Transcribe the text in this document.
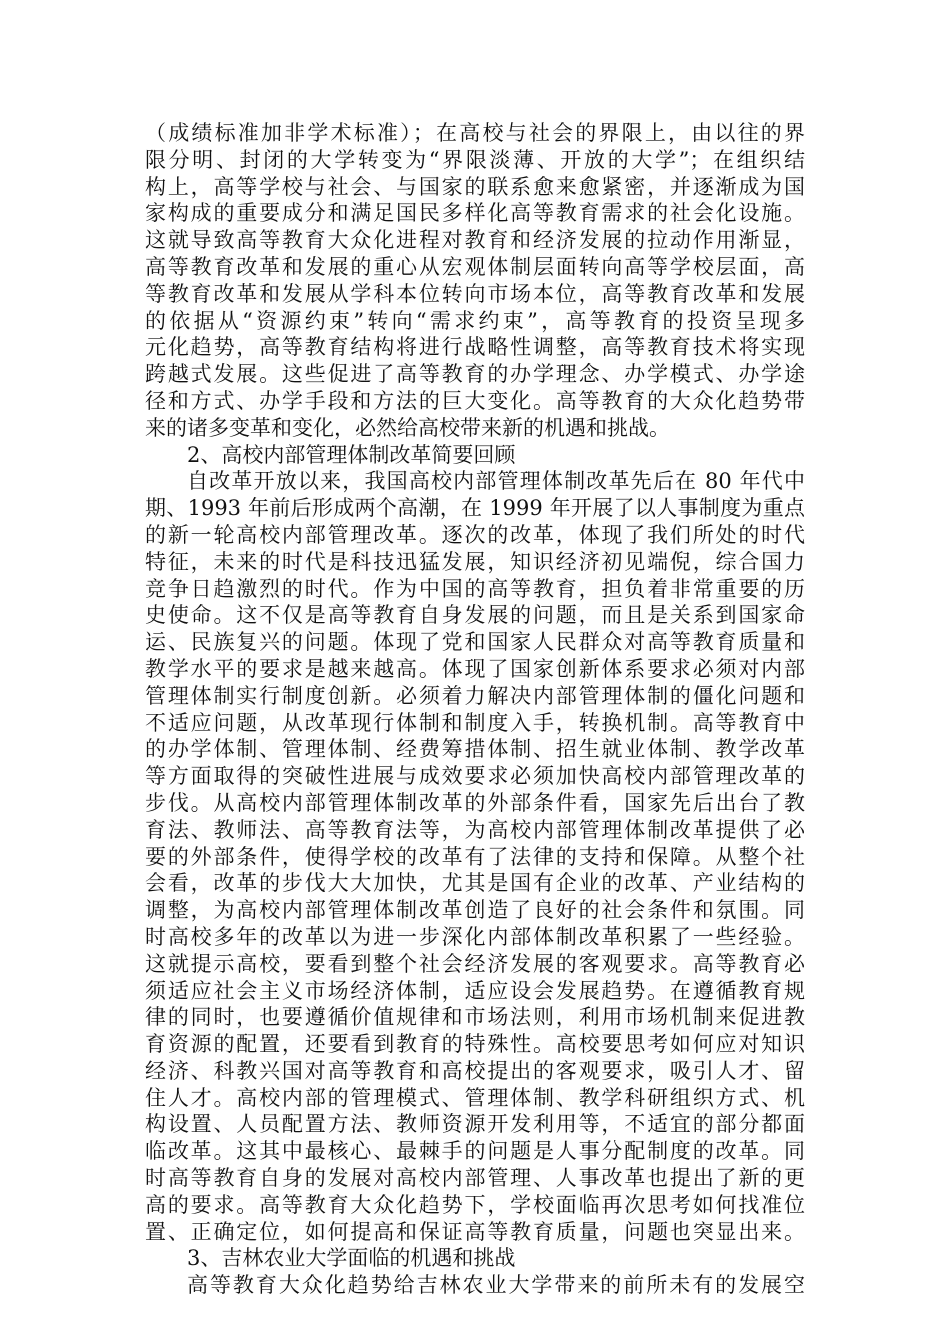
（成绩标准加非学术标准）；在高校与社会的界限上，由以往的界
限分明、封闭的大学转变为“界限淡薄、开放的大学”；在组织结
构上，高等学校与社会、与国家的联系愈来愈紧密，并逐渐成为国
家构成的重要成分和满足国民多样化高等教育需求的社会化设施。
这就导致高等教育大众化进程对教育和经济发展的拉动作用渐显，
高等教育改革和发展的重心从宏观体制层面转向高等学校层面，高
等教育改革和发展从学科本位转向市场本位，高等教育改革和发展
的依据从“资源约束”转向“需求约束”，高等教育的投资呈现多
元化趋势，高等教育结构将进行战略性调整，高等教育技术将实现
跨越式发展。这些促进了高等教育的办学理念、办学模式、办学途
径和方式、办学手段和方法的巨大变化。高等教育的大众化趋势带
来的诸多变革和变化，必然给高校带来新的机遇和挑战。
2、高校内部管理体制改革简要回顾
自改革开放以来，我国高校内部管理体制改革先后在 80 年代中
期、1993 年前后形成两个高潮，在 1999 年开展了以人事制度为重点
的新一轮高校内部管理改革。逐次的改革，体现了我们所处的时代
特征，未来的时代是科技迅猛发展，知识经济初见端倪，综合国力
竞争日趋激烈的时代。作为中国的高等教育，担负着非常重要的历
史使命。这不仅是高等教育自身发展的问题，而且是关系到国家命
运、民族复兴的问题。体现了党和国家人民群众对高等教育质量和
教学水平的要求是越来越高。体现了国家创新体系要求必须对内部
管理体制实行制度创新。必须着力解决内部管理体制的僵化问题和
不适应问题，从改革现行体制和制度入手，转换机制。高等教育中
的办学体制、管理体制、经费筹措体制、招生就业体制、教学改革
等方面取得的突破性进展与成效要求必须加快高校内部管理改革的
步伐。从高校内部管理体制改革的外部条件看，国家先后出台了教
育法、教师法、高等教育法等，为高校内部管理体制改革提供了必
要的外部条件，使得学校的改革有了法律的支持和保障。从整个社
会看，改革的步伐大大加快，尤其是国有企业的改革、产业结构的
调整，为高校内部管理体制改革创造了良好的社会条件和氛围。同
时高校多年的改革以为进一步深化内部体制改革积累了一些经验。
这就提示高校，要看到整个社会经济发展的客观要求。高等教育必
须适应社会主义市场经济体制，适应设会发展趋势。在遵循教育规
律的同时，也要遵循价值规律和市场法则，利用市场机制来促进教
育资源的配置，还要看到教育的特殊性。高校要思考如何应对知识
经济、科教兴国对高等教育和高校提出的客观要求，吸引人才、留
住人才。高校内部的管理模式、管理体制、教学科研组织方式、机
构设置、人员配置方法、教师资源开发利用等，不适宜的部分都面
临改革。这其中最核心、最棘手的问题是人事分配制度的改革。同
时高等教育自身的发展对高校内部管理、人事改革也提出了新的更
高的要求。高等教育大众化趋势下，学校面临再次思考如何找准位
置、正确定位，如何提高和保证高等教育质量，问题也突显出来。
3、吉林农业大学面临的机遇和挑战
高等教育大众化趋势给吉林农业大学带来的前所未有的发展空
